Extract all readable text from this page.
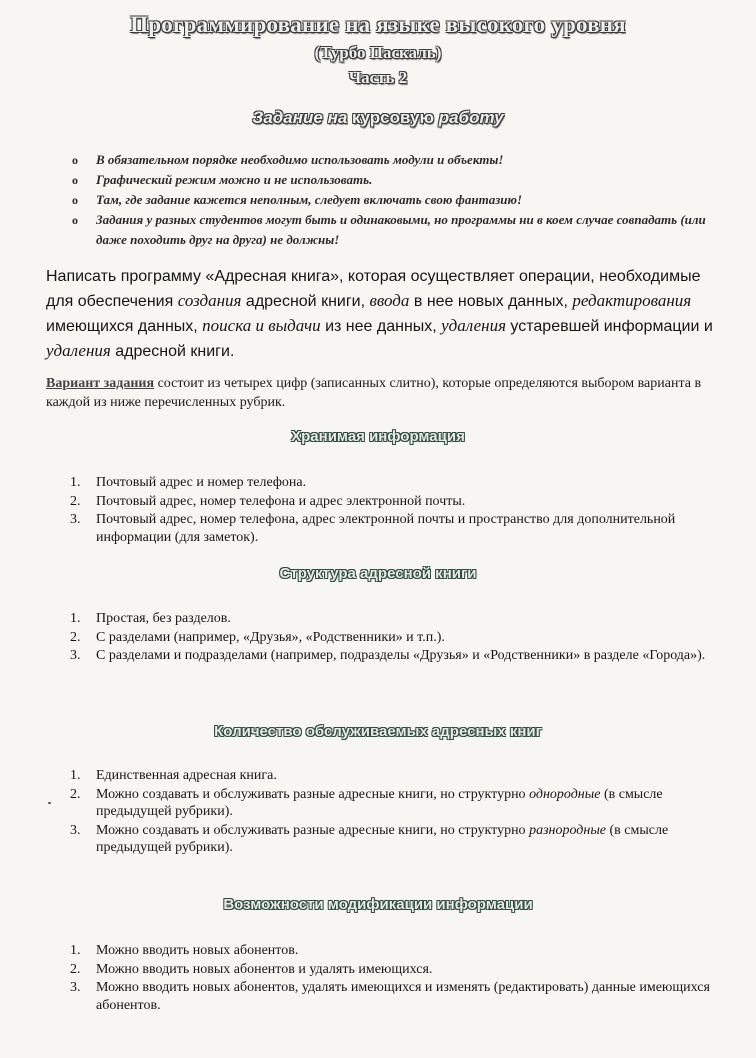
Программирование на языке высокого уровня
(Турбо Паскаль)
Часть 2
Задание на курсовую работу
o В обязательном порядке необходимо использовать модули и объекты!
o Графический режим можно и не использовать.
o Там, где задание кажется неполным, следует включать свою фантазию!
o Задания у разных студентов могут быть и одинаковыми, но программы ни в коем случае совпадать (или даже походить друг на друга) не должны!
Написать программу «Адресная книга», которая осуществляет операции, необходимые для обеспечения создания адресной книги, ввода в нее новых данных, редактирования имеющихся данных, поиска и выдачи из нее данных, удаления устаревшей информации и удаления адресной книги.
Вариант задания состоит из четырех цифр (записанных слитно), которые определяются выбором варианта в каждой из ниже перечисленных рубрик.
Хранимая информация
1. Почтовый адрес и номер телефона.
2. Почтовый адрес, номер телефона и адрес электронной почты.
3. Почтовый адрес, номер телефона, адрес электронной почты и пространство для дополнительной информации (для заметок).
Структура адресной книги
1. Простая, без разделов.
2. С разделами (например, «Друзья», «Родственники» и т.п.).
3. С разделами и подразделами (например, подразделы «Друзья» и «Родственники» в разделе «Города»).
Количество обслуживаемых адресных книг
1. Единственная адресная книга.
2. Можно создавать и обслуживать разные адресные книги, но структурно однородные (в смысле предыдущей рубрики).
3. Можно создавать и обслуживать разные адресные книги, но структурно разнородные (в смысле предыдущей рубрики).
Возможности модификации информации
1. Можно вводить новых абонентов.
2. Можно вводить новых абонентов и удалять имеющихся.
3. Можно вводить новых абонентов, удалять имеющихся и изменять (редактировать) данные имеющихся абонентов.
